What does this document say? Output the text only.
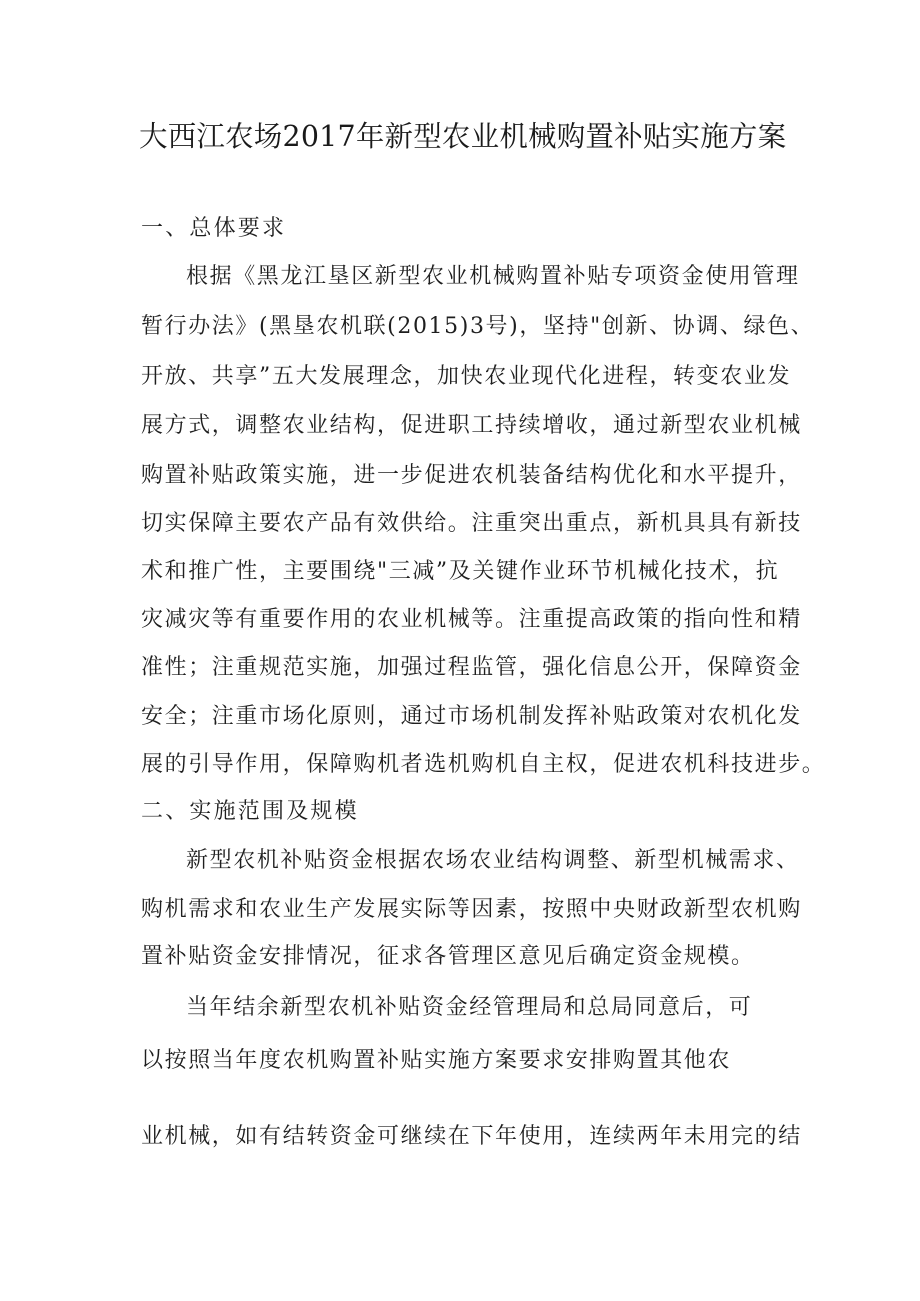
大西江农场2017年新型农业机械购置补贴实施方案
一、总体要求
根据《黑龙江垦区新型农业机械购置补贴专项资金使用管理
暂行办法》(黑垦农机联(2015)3号)，坚持"创新、协调、绿色、
开放、共享”五大发展理念，加快农业现代化进程，转变农业发
展方式，调整农业结构，促进职工持续增收，通过新型农业机械
购置补贴政策实施，进一步促进农机装备结构优化和水平提升，
切实保障主要农产品有效供给。注重突出重点，新机具具有新技
术和推广性，主要围绕"三减”及关键作业环节机械化技术，抗
灾减灾等有重要作用的农业机械等。注重提高政策的指向性和精
准性；注重规范实施，加强过程监管，强化信息公开，保障资金
安全；注重市场化原则，通过市场机制发挥补贴政策对农机化发
展的引导作用，保障购机者选机购机自主权，促进农机科技进步。
二、实施范围及规模
新型农机补贴资金根据农场农业结构调整、新型机械需求、
购机需求和农业生产发展实际等因素，按照中央财政新型农机购
置补贴资金安排情况，征求各管理区意见后确定资金规模。
当年结余新型农机补贴资金经管理局和总局同意后，可
以按照当年度农机购置补贴实施方案要求安排购置其他农
业机械，如有结转资金可继续在下年使用，连续两年未用完的结
